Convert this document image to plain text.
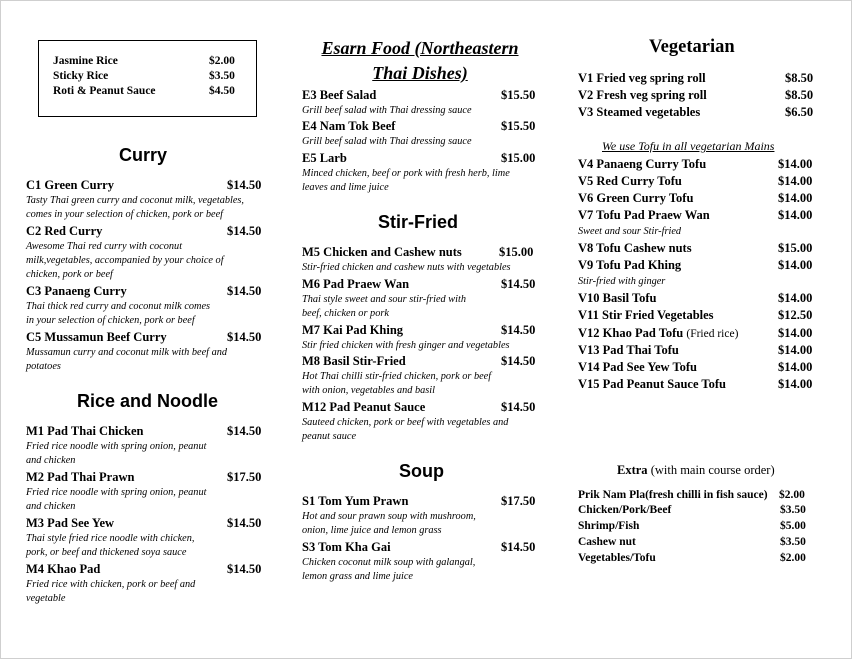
Jasmine Rice	$2.00
Sticky Rice	$3.50
Roti & Peanut Sauce	$4.50
Curry
C1 Green Curry	$14.50
Tasty Thai green curry and coconut milk, vegetables,
comes in your selection of chicken, pork or beef
C2 Red Curry	$14.50
Awesome Thai red curry with coconut
milk,vegetables, accompanied by your choice of
chicken, pork or beef
C3 Panaeng Curry	$14.50
Thai thick red curry and coconut milk comes
in your selection of chicken, pork or beef
C5 Mussamun Beef Curry	$14.50
Mussamun curry and coconut milk with beef and
potatoes
Rice and Noodle
M1 Pad Thai Chicken	$14.50
Fried rice noodle with spring onion, peanut
and chicken
M2 Pad Thai Prawn	$17.50
Fried rice noodle with spring onion, peanut
and chicken
M3 Pad See Yew	$14.50
Thai style fried rice noodle with chicken,
pork, or beef and thickened soya sauce
M4 Khao Pad	$14.50
Fried rice with chicken, pork or beef and
vegetable
Esarn Food (Northeastern
Thai Dishes)
E3 Beef Salad	$15.50
Grill beef salad with Thai dressing sauce
E4 Nam Tok Beef	$15.50
Grill beef salad with Thai dressing sauce
E5 Larb	$15.00
Minced chicken, beef or pork with fresh herb, lime
leaves and lime juice
Stir-Fried
M5 Chicken and Cashew nuts	$15.00
Stir-fried chicken and cashew nuts with vegetables
M6 Pad Praew Wan	$14.50
Thai style sweet and sour stir-fried with
beef, chicken or pork
M7 Kai Pad Khing	$14.50
Stir fried chicken with fresh ginger and vegetables
M8 Basil Stir-Fried	$14.50
Hot Thai chilli stir-fried chicken, pork or beef
with onion, vegetables and basil
M12 Pad Peanut Sauce	$14.50
Sauteed chicken, pork or beef with vegetables and
peanut sauce
Soup
S1 Tom Yum Prawn	$17.50
Hot and sour prawn soup with mushroom,
onion, lime juice and lemon grass
S3 Tom Kha Gai	$14.50
Chicken coconut milk soup with galangal,
lemon grass and lime juice
Vegetarian
V1 Fried veg spring roll	$8.50
V2 Fresh veg spring roll	$8.50
V3 Steamed vegetables	$6.50
We use Tofu in all vegetarian Mains
V4 Panaeng Curry Tofu	$14.00
V5 Red Curry Tofu	$14.00
V6 Green Curry Tofu	$14.00
V7 Tofu Pad Praew Wan	$14.00
Sweet and sour Stir-fried
V8 Tofu Cashew nuts	$15.00
V9 Tofu Pad Khing	$14.00
Stir-fried with ginger
V10 Basil Tofu	$14.00
V11 Stir Fried Vegetables	$12.50
V12 Khao Pad Tofu (Fried rice)	$14.00
V13 Pad Thai Tofu	$14.00
V14 Pad See Yew Tofu	$14.00
V15 Pad Peanut Sauce Tofu	$14.00
Extra (with main course order)
Prik Nam Pla(fresh chilli in fish sauce) $2.00
Chicken/Pork/Beef	$3.50
Shrimp/Fish	$5.00
Cashew nut	$3.50
Vegetables/Tofu	$2.00
